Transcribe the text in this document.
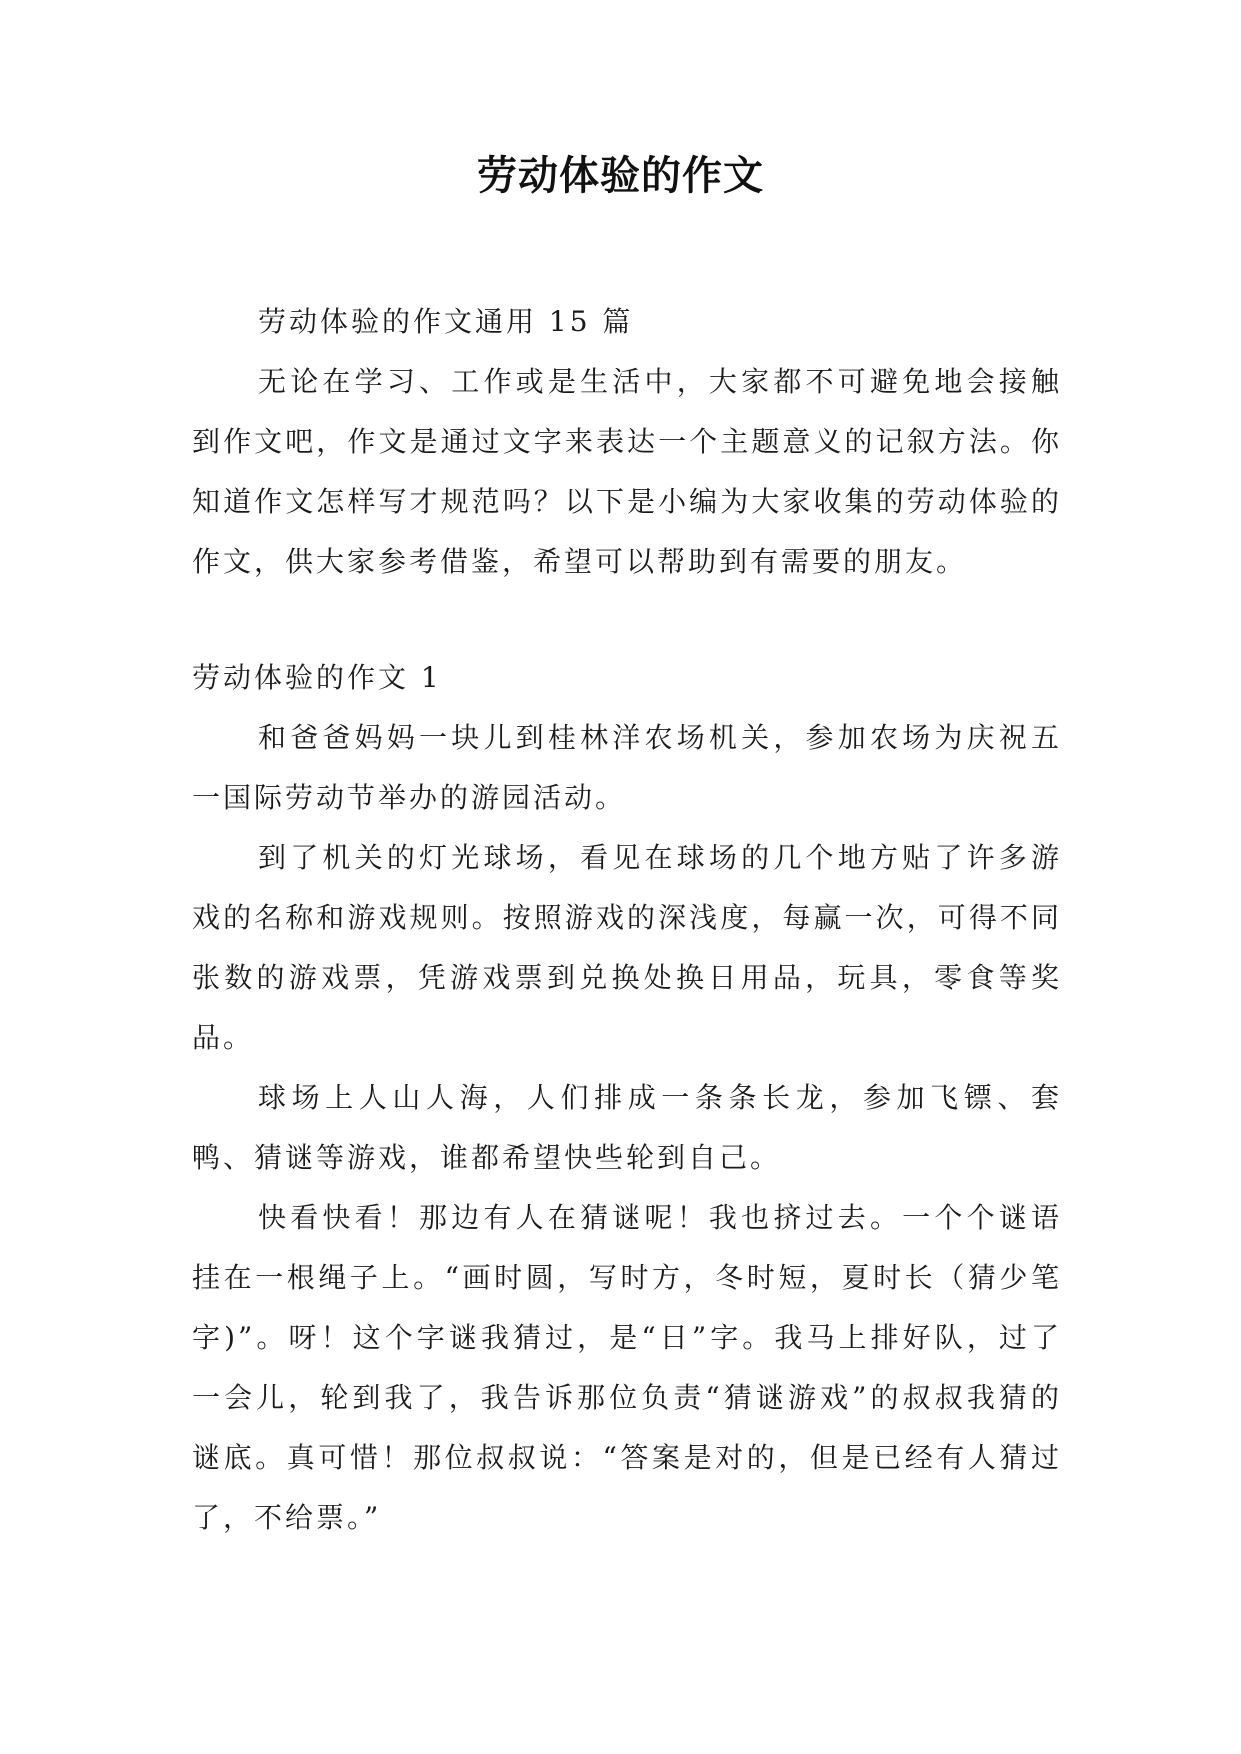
劳动体验的作文

劳动体验的作文通用 15 篇

无论在学习、工作或是生活中，大家都不可避免地会接触到作文吧，作文是通过文字来表达一个主题意义的记叙方法。你知道作文怎样写才规范吗？以下是小编为大家收集的劳动体验的作文，供大家参考借鉴，希望可以帮助到有需要的朋友。

劳动体验的作文 1

和爸爸妈妈一块儿到桂林洋农场机关，参加农场为庆祝五一国际劳动节举办的游园活动。

到了机关的灯光球场，看见在球场的几个地方贴了许多游戏的名称和游戏规则。按照游戏的深浅度，每赢一次，可得不同张数的游戏票，凭游戏票到兑换处换日用品，玩具，零食等奖品。

球场上人山人海，人们排成一条条长龙，参加飞镖、套鸭、猜谜等游戏，谁都希望快些轮到自己。

快看快看！那边有人在猜谜呢！我也挤过去。一个个谜语挂在一根绳子上。“画时圆，写时方，冬时短，夏时长（猜少笔字)”。呀！这个字谜我猜过，是“日”字。我马上排好队，过了一会儿，轮到我了，我告诉那位负责“猜谜游戏”的叔叔我猜的谜底。真可惜！那位叔叔说：“答案是对的，但是已经有人猜过了，不给票。”
